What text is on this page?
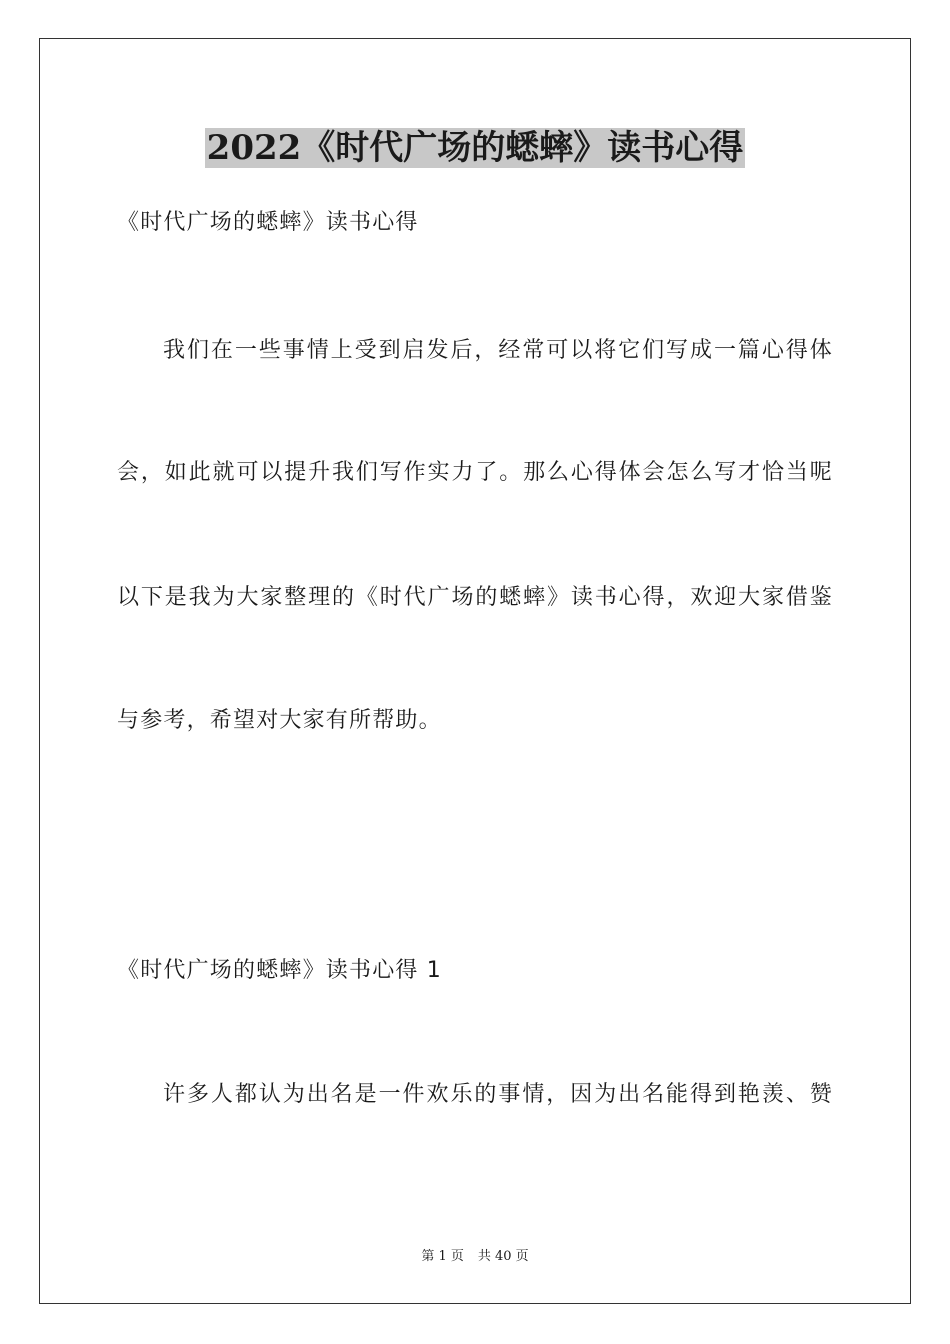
2022《时代广场的蟋蟀》读书心得

《时代广场的蟋蟀》读书心得

我们在一些事情上受到启发后，经常可以将它们写成一篇心得体

会，如此就可以提升我们写作实力了。那么心得体会怎么写才恰当呢

以下是我为大家整理的《时代广场的蟋蟀》读书心得，欢迎大家借鉴

与参考，希望对大家有所帮助。

《时代广场的蟋蟀》读书心得 1

许多人都认为出名是一件欢乐的事情，因为出名能得到艳羡、赞

第 1 页 共 40 页
